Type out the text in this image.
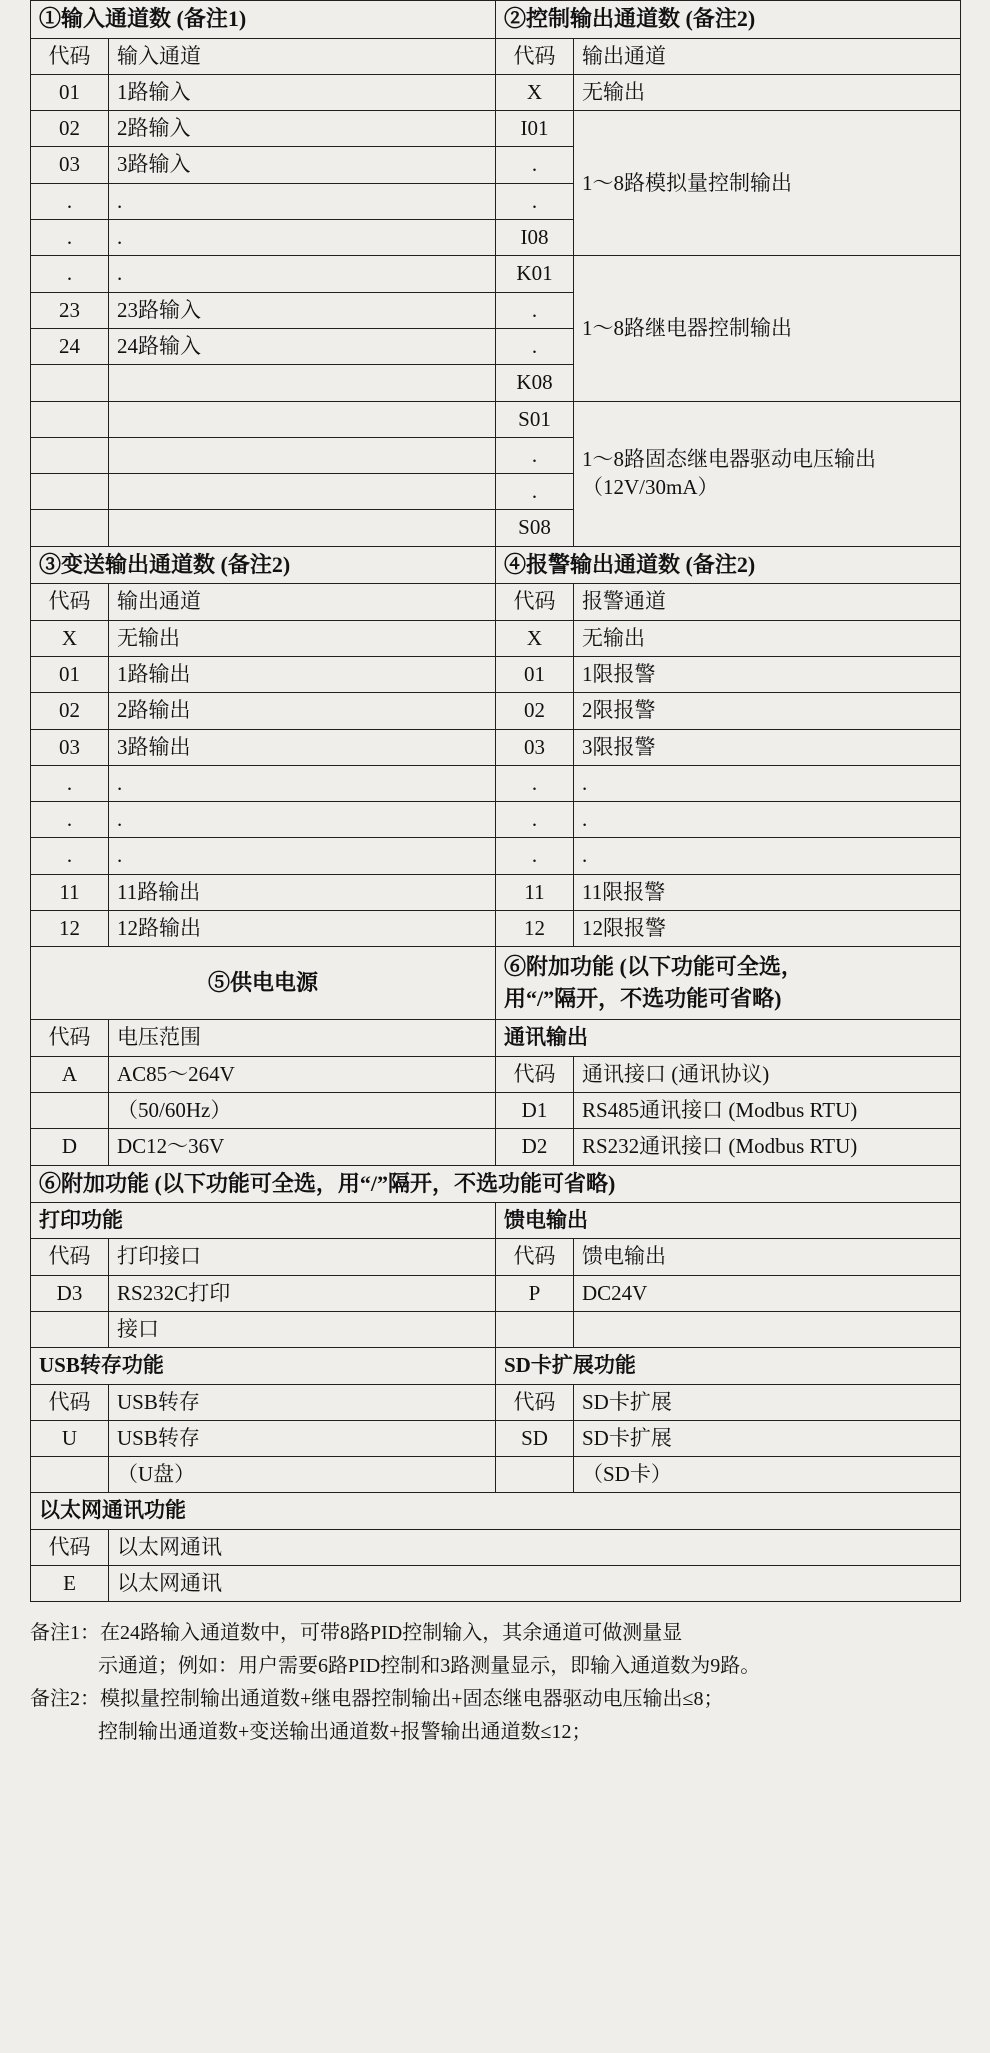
①输入通道数 (备注1)		②控制输出通道数 (备注2)	
代码	输入通道	代码	输出通道
01	1路输入	X	无输出
02	2路输入	I01	1～8路模拟量控制输出
03	3路输入	.	
.	.	.	
.	.	I08	
.	.	K01	1～8路继电器控制输出
23	23路输入	.	
24	24路输入	.	
		K08	
		S01	1～8路固态继电器驱动电压输出（12V/30mA）
		.	
		.	
		S08	
③变送输出通道数 (备注2)		④报警输出通道数 (备注2)	
代码	输出通道	代码	报警通道
X	无输出	X	无输出
01	1路输出	01	1限报警
02	2路输出	02	2限报警
03	3路输出	03	3限报警
.	.	.	.
.	.	.	.
.	.	.	.
11	11路输出	11	11限报警
12	12路输出	12	12限报警
⑤供电电源		⑥附加功能 (以下功能可全选，
用“/”隔开，不选功能可省略)	

代码	电压范围	通讯输出	
A	AC85～264V	代码	通讯接口 (通讯协议)
	（50/60Hz）	D1	RS485通讯接口 (Modbus RTU)
D	DC12～36V	D2	RS232通讯接口 (Modbus RTU)
⑥附加功能 (以下功能可全选，用“/”隔开，不选功能可省略)			
打印功能		馈电输出	
代码	打印接口	代码	馈电输出
D3	RS232C打印	P	DC24V
	接口		
USB转存功能		SD卡扩展功能	
代码	USB转存	代码	SD卡扩展
U	USB转存	SD	SD卡扩展
	（U盘）		（SD卡）
以太网通讯功能			
代码	以太网通讯		
E	以太网通讯		
备注1：在24路输入通道数中，可带8路PID控制输入，其余通道可做测量显
示通道；例如：用户需要6路PID控制和3路测量显示，即输入通道数为9路。
备注2：模拟量控制输出通道数+继电器控制输出+固态继电器驱动电压输出≤8；
控制输出通道数+变送输出通道数+报警输出通道数≤12；
